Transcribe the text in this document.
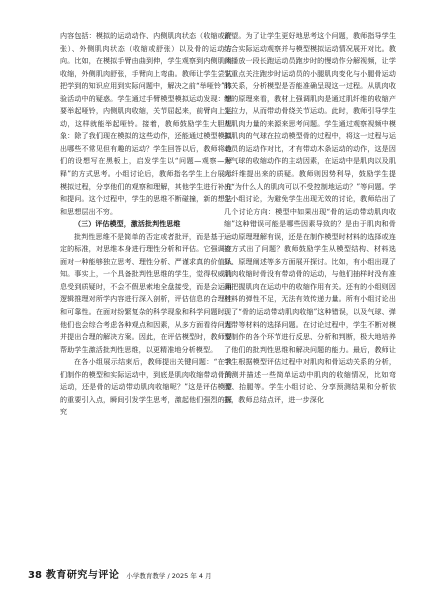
内容包括：模拟的运动动作、内侧肌肉状态（收缩或舒张）、外侧肌肉状态（收缩或舒张）以及骨的运动方向。比如，在模拟手臂由曲到伸，学生观察到内侧肌肉收缩，外侧肌肉舒张，手臂向上弯曲。教师让学生尝试把学到的知识应用到实际问题中，解决之前“举哑铃”体验活动中的疑惑。学生通过手臂模型模拟运动发现：想要举起哑铃，内侧肌肉收缩，关节屈起来，前臂向上运动，这样就能举起哑铃。接着，教师鼓励学生大胆想象：除了我们现在模拟的这些动作，还能通过模型模拟出哪些不常见但有趣的运动？学生回答以后，教师将他们的设想写在黑板上，启发学生以“问题—观察—解释”的方式思考。小组讨论后，教师指名学生上台展示模拟过程，分享他们的观察和理解，其他学生进行补充和提问。这个过程中，学生的思维不断碰撞，新的想法和思想层出不穷。

（三）评估模型，激活批判性思维

批判性思维不是简单的否定或者批评，而是基于一定的标准，对思维本身进行理性分析和评估。它强调在面对一种能够独立思考、理性分析、严谨求真的价值认知。事实上，一个具备批判性思维的学生，觉得权威消息受到质疑时，不会不假思索地全盘接受，而是会运用逻辑推理对所学内容进行深入剖析，评估信息的合理性和可靠性。在面对纷繁复杂的科学现象和科学问题时，他们也会综合考虑各种观点和因素，从多方面看待问题并提出合理的解决方案。因此，在评估模型时，教师要帮助学生激活批判性思维，以更精准地分析模型。

在各小组展示结束后，教师提出关键问题：“在我们制作的模型和实际运动中，到底是肌肉收缩带动骨的运动，还是骨的运动带动肌肉收缩呢？”这是评估模型的重要引入点，瞬间引发学生思考，激起他们强烈的探究

欲望。为了让学生更好地思考这个问题，教师指导学生结合实际运动观察并与模型模拟运动情况展开对比。教师播放一段长跑运动员跑步时的慢动作分解视频，让学生重点关注跑步时运动员的小腿肌肉变化与小腿骨运动的关系，分析模型是否能准确呈现这一过程。从肌肉收缩的原理来看，教材上强调肌肉是通过肌纤维的收缩产生拉力，从而带动骨绕关节运动。此时，教师引导学生从肌肉力量的来源来思考问题。学生通过观察视频中模拟肌肉的气球在拉动模型骨的过程中，将这一过程与运动员的运动作对比，才有带动木条运动的动作，这是因为气球的收缩动作的主动因素，在运动中是肌肉以及肌肉纤维提出来的质疑。教师则因势利导，鼓励学生提出“为什么人的肌肉可以不受控制地运动？”等问题。学生小组讨论，为避免学生出现无效的讨论，教师给出了几个讨论方向：模型中如果出现“骨的运动带动肌肉收缩”这种错误可能是哪些因素导致的？是由于肌肉和骨运动原理理解有误，还是在制作模型时材料的选择或连接方式出了问题？教师鼓励学生从模型结构、材料选择、原理阐述等多方面展开探讨。比如，有小组出现了肌肉收缩时骨没有带动骨的运动，与他们抽样时没有准确把握肌肉在运动中的收缩作用有关。还有的小组则因材料的弹性不足，无法有效传递力量。所有小组讨论出现了“骨的运动带动肌肉收缩”这种错误，以及气球、弹力带等材料的选择问题。在讨论过程中，学生不断对模型制作的各个环节进行反思、分析和判断，极大地培养了他们的批判性思维和解决问题的能力。最后，教师让学生根据模型评估过程中对肌肉和骨运动关系的分析，预测并描述一些简单运动中肌肉的收缩情况，比如弯腰、抬腿等。学生小组讨论、分享预测结果和分析依据，教师总结点评，进一步深化

38 教育研究与评论 小学教育教学 / 2025 年 4 月
